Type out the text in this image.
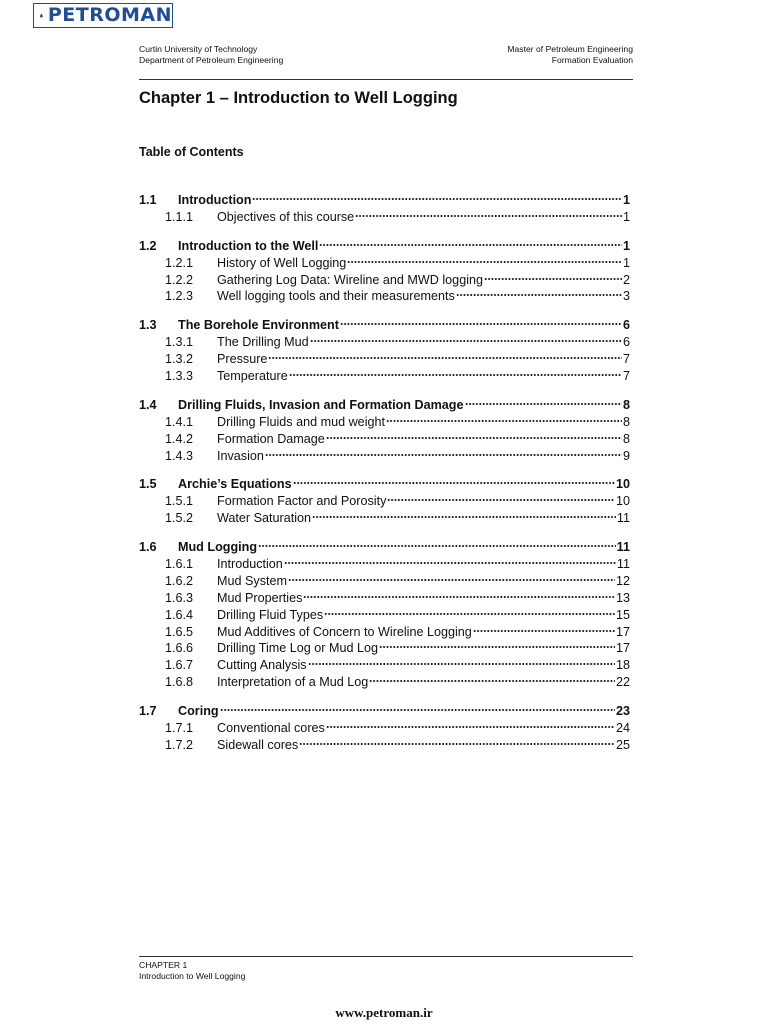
PETROMAN
Curtin University of Technology
Department of Petroleum Engineering
Master of Petroleum Engineering
Formation Evaluation
Chapter 1 – Introduction to Well Logging
Table of Contents
1.1	Introduction	1
1.1.1	Objectives of this course	1
1.2	Introduction to the Well	1
1.2.1	History of Well Logging	1
1.2.2	Gathering Log Data: Wireline and MWD logging	2
1.2.3	Well logging tools and their measurements	3
1.3	The Borehole Environment	6
1.3.1	The Drilling Mud	6
1.3.2	Pressure	7
1.3.3	Temperature	7
1.4	Drilling Fluids, Invasion and Formation Damage	8
1.4.1	Drilling Fluids and mud weight	8
1.4.2	Formation Damage	8
1.4.3	Invasion	9
1.5	Archie’s Equations	10
1.5.1	Formation Factor and Porosity	10
1.5.2	Water Saturation	11
1.6	Mud Logging	11
1.6.1	Introduction	11
1.6.2	Mud System	12
1.6.3	Mud Properties	13
1.6.4	Drilling Fluid Types	15
1.6.5	Mud Additives of Concern to Wireline Logging	17
1.6.6	Drilling Time Log or Mud Log	17
1.6.7	Cutting Analysis	18
1.6.8	Interpretation of a Mud Log	22
1.7	Coring	23
1.7.1	Conventional cores	24
1.7.2	Sidewall cores	25
CHAPTER 1
Introduction to Well Logging
www.petroman.ir
